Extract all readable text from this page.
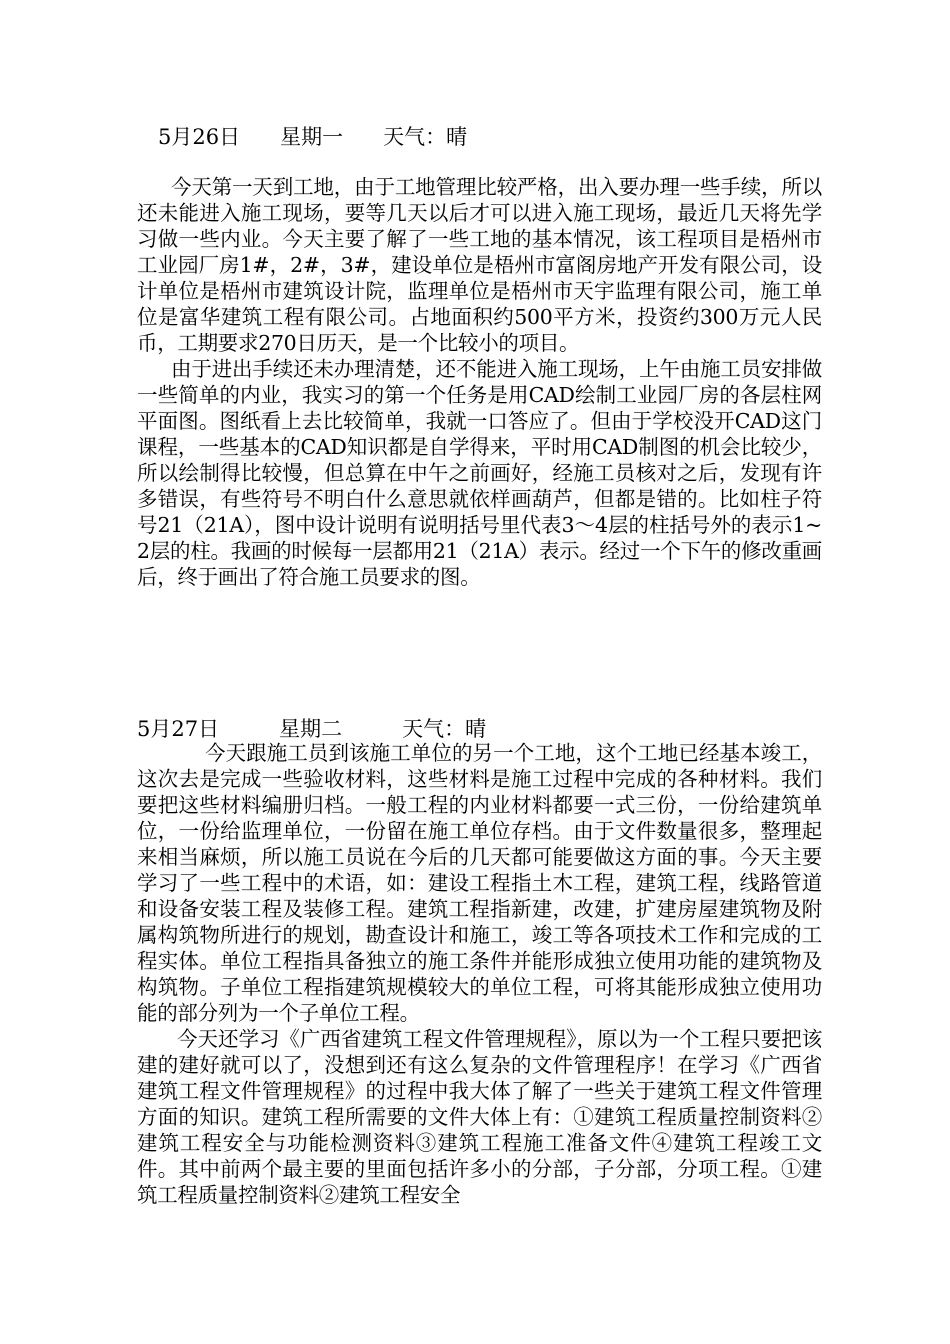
5月26日 星期一 天气：晴

今天第一天到工地，由于工地管理比较严格，出入要办理一些手续，所以还未能进入施工现场，要等几天以后才可以进入施工现场，最近几天将先学习做一些内业。今天主要了解了一些工地的基本情况，该工程项目是梧州市工业园厂房1#，2#，3#，建设单位是梧州市富阁房地产开发有限公司，设计单位是梧州市建筑设计院，监理单位是梧州市天宇监理有限公司，施工单位是富华建筑工程有限公司。占地面积约500平方米，投资约300万元人民币，工期要求270日历天，是一个比较小的项目。

由于进出手续还未办理清楚，还不能进入施工现场，上午由施工员安排做一些简单的内业，我实习的第一个任务是用CAD绘制工业园厂房的各层柱网平面图。图纸看上去比较简单，我就一口答应了。但由于学校没开CAD这门课程，一些基本的CAD知识都是自学得来，平时用CAD制图的机会比较少，所以绘制得比较慢，但总算在中午之前画好，经施工员核对之后，发现有许多错误，有些符号不明白什么意思就依样画葫芦，但都是错的。比如柱子符号21（21A），图中设计说明有说明括号里代表3～4层的柱括号外的表示1~2层的柱。我画的时候每一层都用21（21A）表示。经过一个下午的修改重画后，终于画出了符合施工员要求的图。

5月27日	星期二	天气：晴

今天跟施工员到该施工单位的另一个工地，这个工地已经基本竣工，这次去是完成一些验收材料，这些材料是施工过程中完成的各种材料。我们要把这些材料编册归档。一般工程的内业材料都要一式三份，一份给建筑单位，一份给监理单位，一份留在施工单位存档。由于文件数量很多，整理起来相当麻烦，所以施工员说在今后的几天都可能要做这方面的事。今天主要学习了一些工程中的术语，如：建设工程指土木工程，建筑工程，线路管道和设备安装工程及装修工程。建筑工程指新建，改建，扩建房屋建筑物及附属构筑物所进行的规划，勘查设计和施工，竣工等各项技术工作和完成的工程实体。单位工程指具备独立的施工条件并能形成独立使用功能的建筑物及构筑物。子单位工程指建筑规模较大的单位工程，可将其能形成独立使用功能的部分列为一个子单位工程。

今天还学习《广西省建筑工程文件管理规程》，原以为一个工程只要把该建的建好就可以了，没想到还有这么复杂的文件管理程序！在学习《广西省建筑工程文件管理规程》的过程中我大体了解了一些关于建筑工程文件管理方面的知识。建筑工程所需要的文件大体上有：①建筑工程质量控制资料②建筑工程安全与功能检测资料③建筑工程施工准备文件④建筑工程竣工文件。其中前两个最主要的里面包括许多小的分部，子分部，分项工程。①建筑工程质量控制资料②建筑工程安全
